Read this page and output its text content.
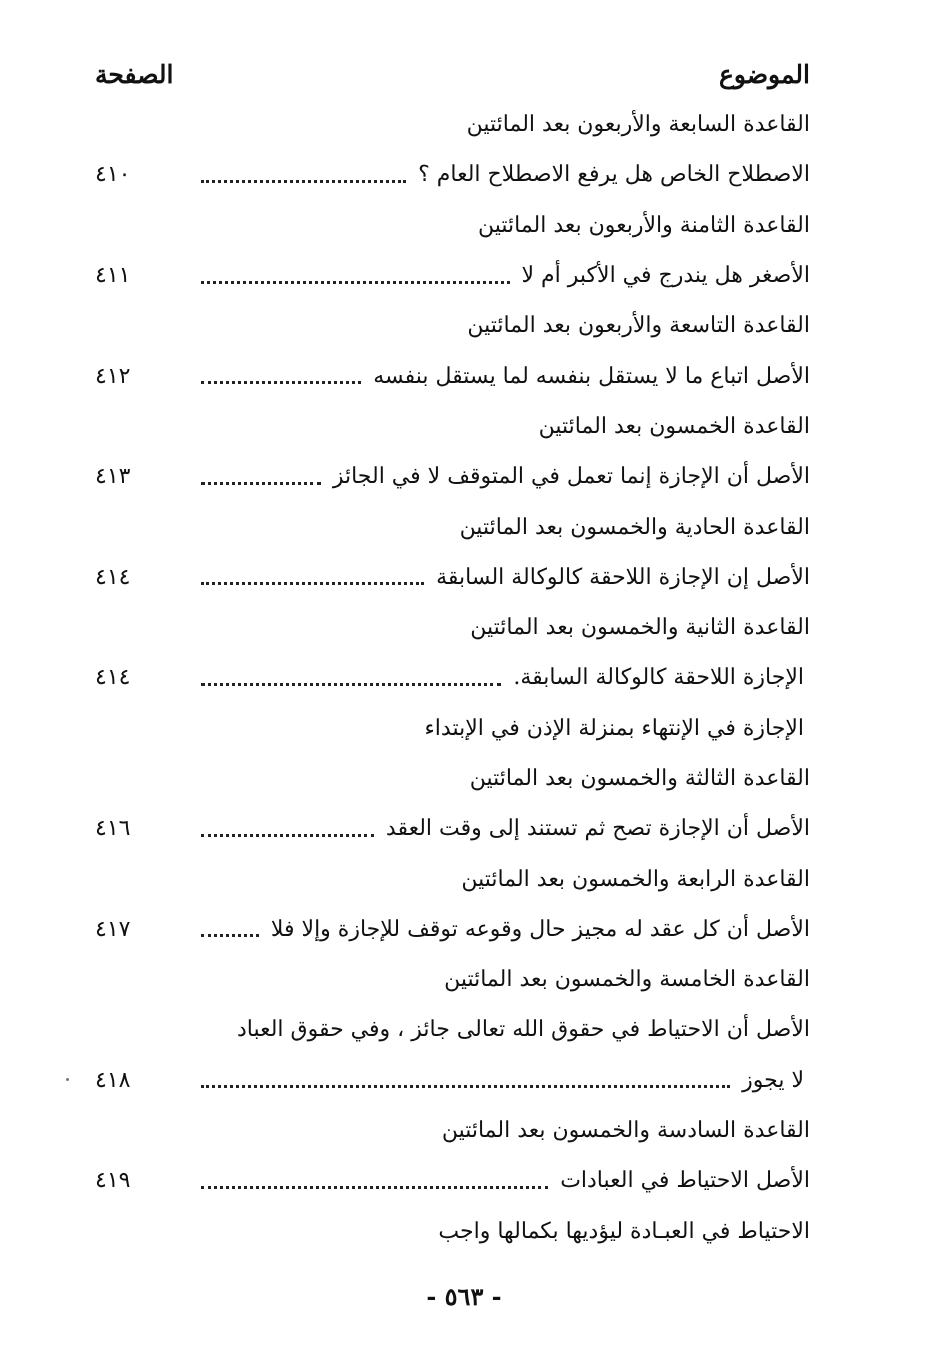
الموضوع
الصفحة
القاعدة السابعة والأربعون بعد المائتين
الاصطلاح الخاص هل يرفع الاصطلاح العام ؟
٤١٠
القاعدة الثامنة والأربعون بعد المائتين
الأصغر هل يندرج في الأكبر أم لا
٤١١
القاعدة التاسعة والأربعون بعد المائتين
الأصل اتباع ما لا يستقل بنفسه لما يستقل بنفسه
٤١٢
القاعدة الخمسون بعد المائتين
الأصل أن الإجازة إنما تعمل في المتوقف لا في الجائز
٤١٣
القاعدة الحادية والخمسون بعد المائتين
الأصل إن الإجازة اللاحقة كالوكالة السابقة
٤١٤
القاعدة الثانية والخمسون بعد المائتين
الإجازة اللاحقة كالوكالة السابقة.
٤١٤
الإجازة في الإنتهاء بمنزلة الإذن في الإبتداء
القاعدة الثالثة والخمسون بعد المائتين
الأصل أن الإجازة تصح ثم تستند إلى وقت العقد
٤١٦
القاعدة الرابعة والخمسون بعد المائتين
الأصل أن كل عقد له مجيز حال وقوعه توقف للإجازة وإلا فلا
٤١٧
القاعدة الخامسة والخمسون بعد المائتين
الأصل أن الاحتياط في حقوق الله تعالى جائز ، وفي حقوق العباد
لا يجوز
٤١٨
القاعدة السادسة والخمسون بعد المائتين
الأصل الاحتياط في العبادات
٤١٩
الاحتياط في العبـادة ليؤديها بكمالها واجب
- ٥٦٣ -
